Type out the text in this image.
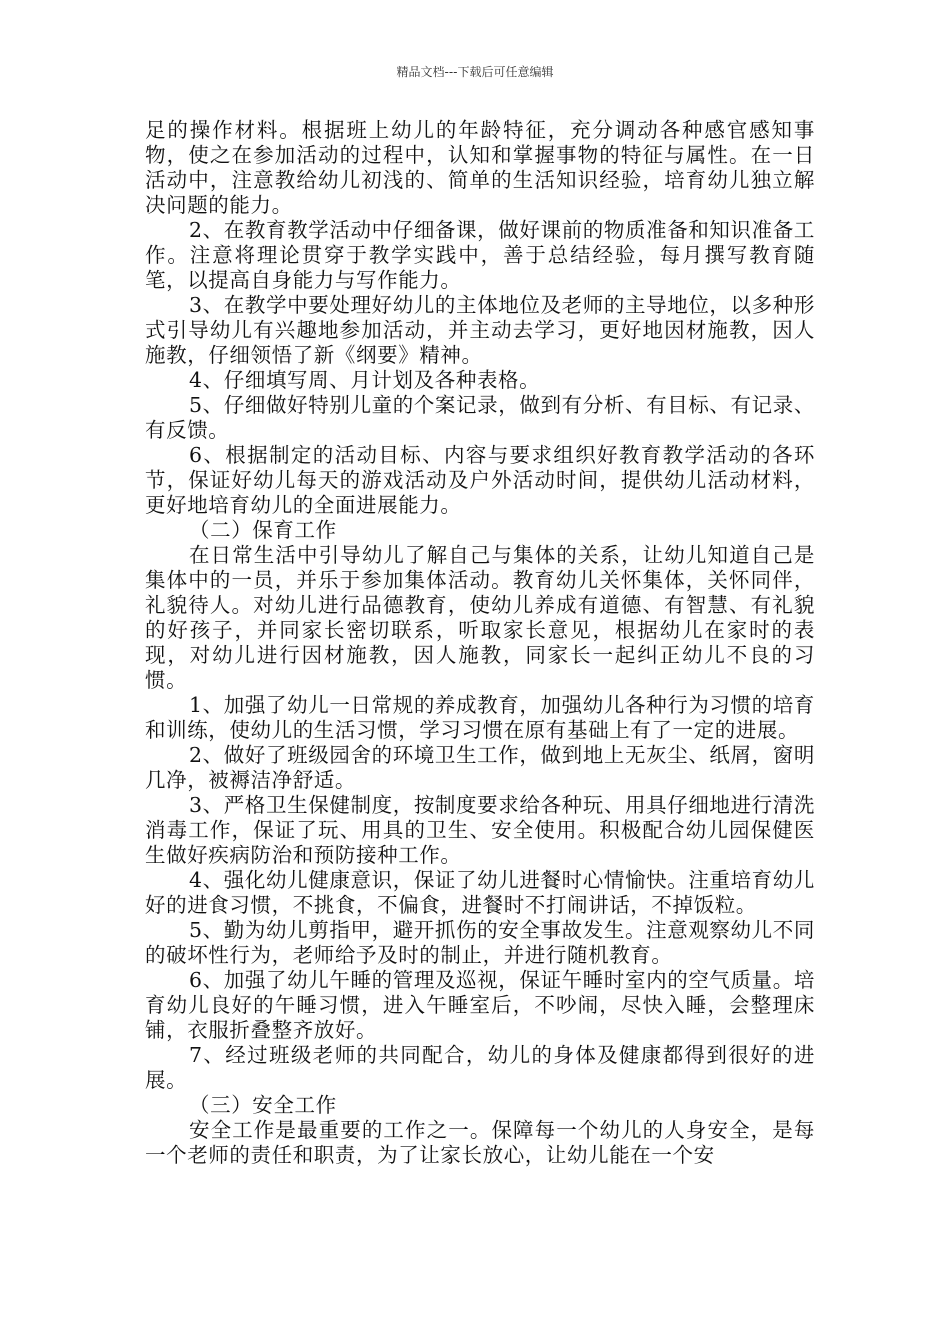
精品文档---下载后可任意编辑

足的操作材料。根据班上幼儿的年龄特征，充分调动各种感官感知事物，使之在参加活动的过程中，认知和掌握事物的特征与属性。在一日活动中，注意教给幼儿初浅的、简单的生活知识经验，培育幼儿独立解决问题的能力。

2、在教育教学活动中仔细备课，做好课前的物质准备和知识准备工作。注意将理论贯穿于教学实践中，善于总结经验，每月撰写教育随笔，以提高自身能力与写作能力。

3、在教学中要处理好幼儿的主体地位及老师的主导地位，以多种形式引导幼儿有兴趣地参加活动，并主动去学习，更好地因材施教，因人施教，仔细领悟了新《纲要》精神。

4、仔细填写周、月计划及各种表格。

5、仔细做好特别儿童的个案记录，做到有分析、有目标、有记录、有反馈。

6、根据制定的活动目标、内容与要求组织好教育教学活动的各环节，保证好幼儿每天的游戏活动及户外活动时间，提供幼儿活动材料，更好地培育幼儿的全面进展能力。

（二）保育工作

在日常生活中引导幼儿了解自己与集体的关系，让幼儿知道自己是集体中的一员，并乐于参加集体活动。教育幼儿关怀集体，关怀同伴，礼貌待人。对幼儿进行品德教育，使幼儿养成有道德、有智慧、有礼貌的好孩子，并同家长密切联系，听取家长意见，根据幼儿在家时的表现，对幼儿进行因材施教，因人施教，同家长一起纠正幼儿不良的习惯。

1、加强了幼儿一日常规的养成教育，加强幼儿各种行为习惯的培育和训练，使幼儿的生活习惯，学习习惯在原有基础上有了一定的进展。

2、做好了班级园舍的环境卫生工作，做到地上无灰尘、纸屑，窗明几净，被褥洁净舒适。

3、严格卫生保健制度，按制度要求给各种玩、用具仔细地进行清洗消毒工作，保证了玩、用具的卫生、安全使用。积极配合幼儿园保健医生做好疾病防治和预防接种工作。

4、强化幼儿健康意识，保证了幼儿进餐时心情愉快。注重培育幼儿好的进食习惯，不挑食，不偏食，进餐时不打闹讲话，不掉饭粒。

5、勤为幼儿剪指甲，避开抓伤的安全事故发生。注意观察幼儿不同的破坏性行为，老师给予及时的制止，并进行随机教育。

6、加强了幼儿午睡的管理及巡视，保证午睡时室内的空气质量。培育幼儿良好的午睡习惯，进入午睡室后，不吵闹，尽快入睡，会整理床铺，衣服折叠整齐放好。

7、经过班级老师的共同配合，幼儿的身体及健康都得到很好的进展。

（三）安全工作

安全工作是最重要的工作之一。保障每一个幼儿的人身安全，是每一个老师的责任和职责，为了让家长放心，让幼儿能在一个安
